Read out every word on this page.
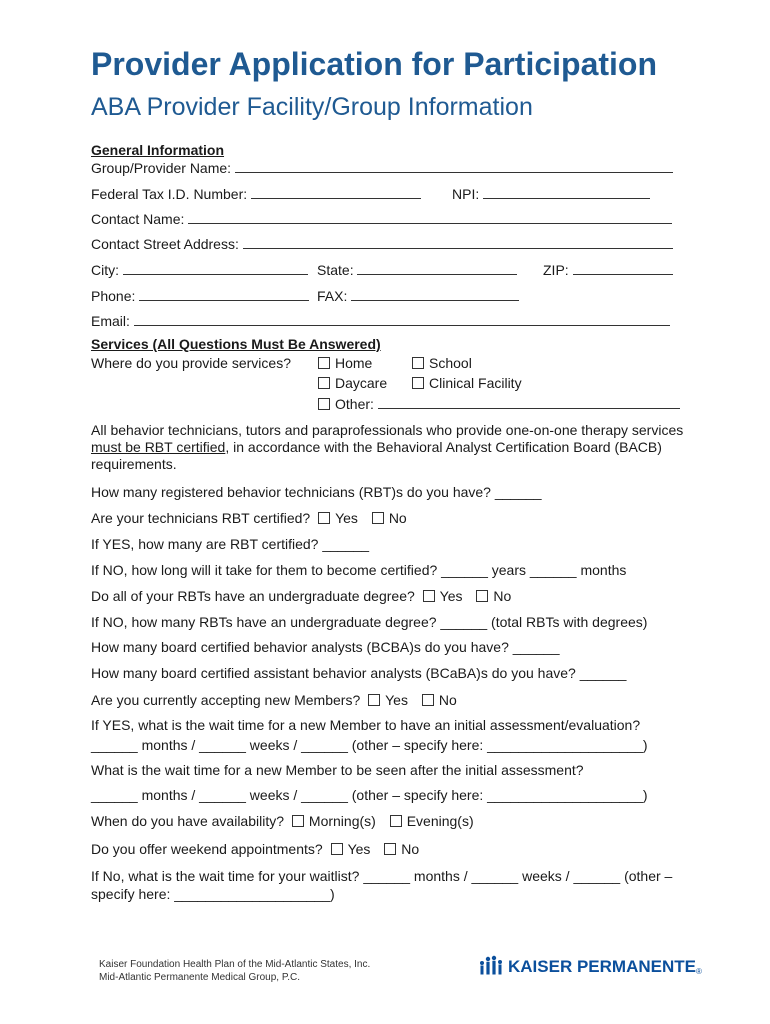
Provider Application for Participation
ABA Provider Facility/Group Information
General Information
Group/Provider Name:
Federal Tax I.D. Number:	NPI:
Contact Name:
Contact Street Address:
City:	State:	ZIP:
Phone:	FAX:
Email:
Services (All Questions Must Be Answered)
Where do you provide services?	Home	School
Daycare	Clinical Facility
Other:
All behavior technicians, tutors and paraprofessionals who provide one-on-one therapy services must be RBT certified, in accordance with the Behavioral Analyst Certification Board (BACB) requirements.
How many registered behavior technicians (RBT)s do you have? ______
Are your technicians RBT certified? Yes No
If YES, how many are RBT certified? ______
If NO, how long will it take for them to become certified? ______ years ______ months
Do all of your RBTs have an undergraduate degree? Yes No
If NO, how many RBTs have an undergraduate degree? ______ (total RBTs with degrees)
How many board certified behavior analysts (BCBA)s do you have? ______
How many board certified assistant behavior analysts (BCaBA)s do you have? ______
Are you currently accepting new Members? Yes No
If YES, what is the wait time for a new Member to have an initial assessment/evaluation?
______ months / ______ weeks / ______ (other – specify here: ____________________)
What is the wait time for a new Member to be seen after the initial assessment?
______ months / ______ weeks / ______ (other – specify here: ____________________)
When do you have availability? Morning(s) Evening(s)
Do you offer weekend appointments? Yes No
If No, what is the wait time for your waitlist? ______ months / ______ weeks / ______ (other –
specify here: ____________________)
Kaiser Foundation Health Plan of the Mid-Atlantic States, Inc.
Mid-Atlantic Permanente Medical Group, P.C.
KAISER PERMANENTE®
